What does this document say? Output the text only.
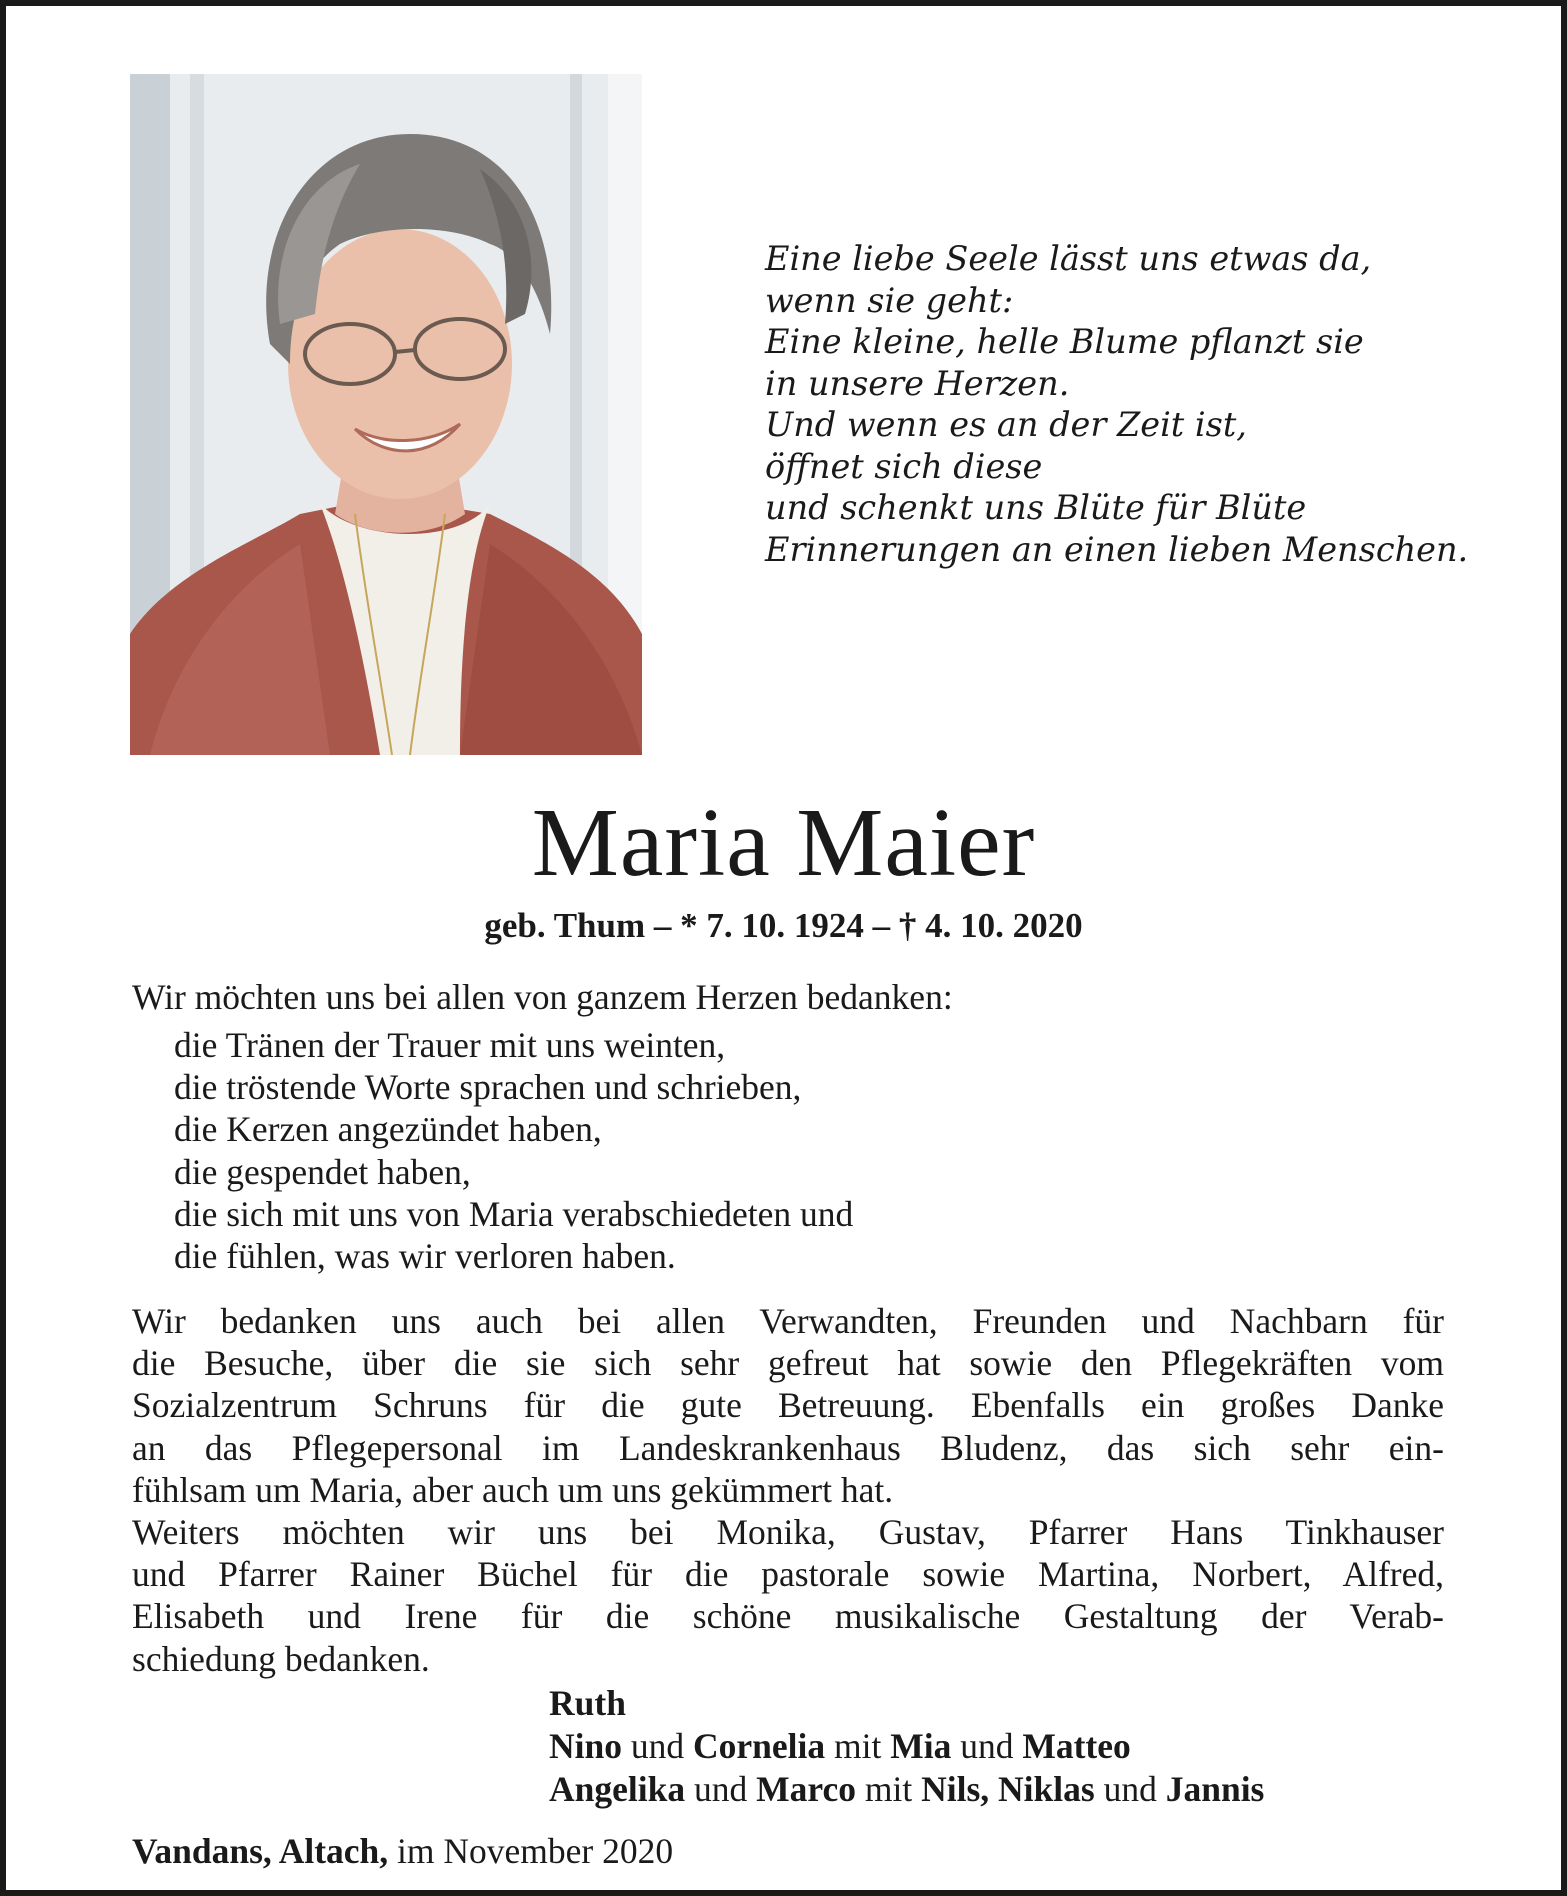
Eine liebe Seele lässt uns etwas da,
wenn sie geht:
Eine kleine, helle Blume pflanzt sie
in unsere Herzen.
Und wenn es an der Zeit ist,
öffnet sich diese
und schenkt uns Blüte für Blüte
Erinnerungen an einen lieben Menschen.
Maria Maier
geb. Thum – * 7. 10. 1924 – † 4. 10. 2020
Wir möchten uns bei allen von ganzem Herzen bedanken:
die Tränen der Trauer mit uns weinten,
die tröstende Worte sprachen und schrieben,
die Kerzen angezündet haben,
die gespendet haben,
die sich mit uns von Maria verabschiedeten und
die fühlen, was wir verloren haben.
Wir bedanken uns auch bei allen Verwandten, Freunden und Nachbarn für
die Besuche, über die sie sich sehr gefreut hat sowie den Pflegekräften vom
Sozialzentrum Schruns für die gute Betreuung. Ebenfalls ein großes Danke
an das Pflegepersonal im Landeskrankenhaus Bludenz, das sich sehr ein-
fühlsam um Maria, aber auch um uns gekümmert hat.
Weiters möchten wir uns bei Monika, Gustav, Pfarrer Hans Tinkhauser
und Pfarrer Rainer Büchel für die pastorale sowie Martina, Norbert, Alfred,
Elisabeth und Irene für die schöne musikalische Gestaltung der Verab-
schiedung bedanken.
Ruth
Nino und Cornelia mit Mia und Matteo
Angelika und Marco mit Nils, Niklas und Jannis
Vandans, Altach, im November 2020
